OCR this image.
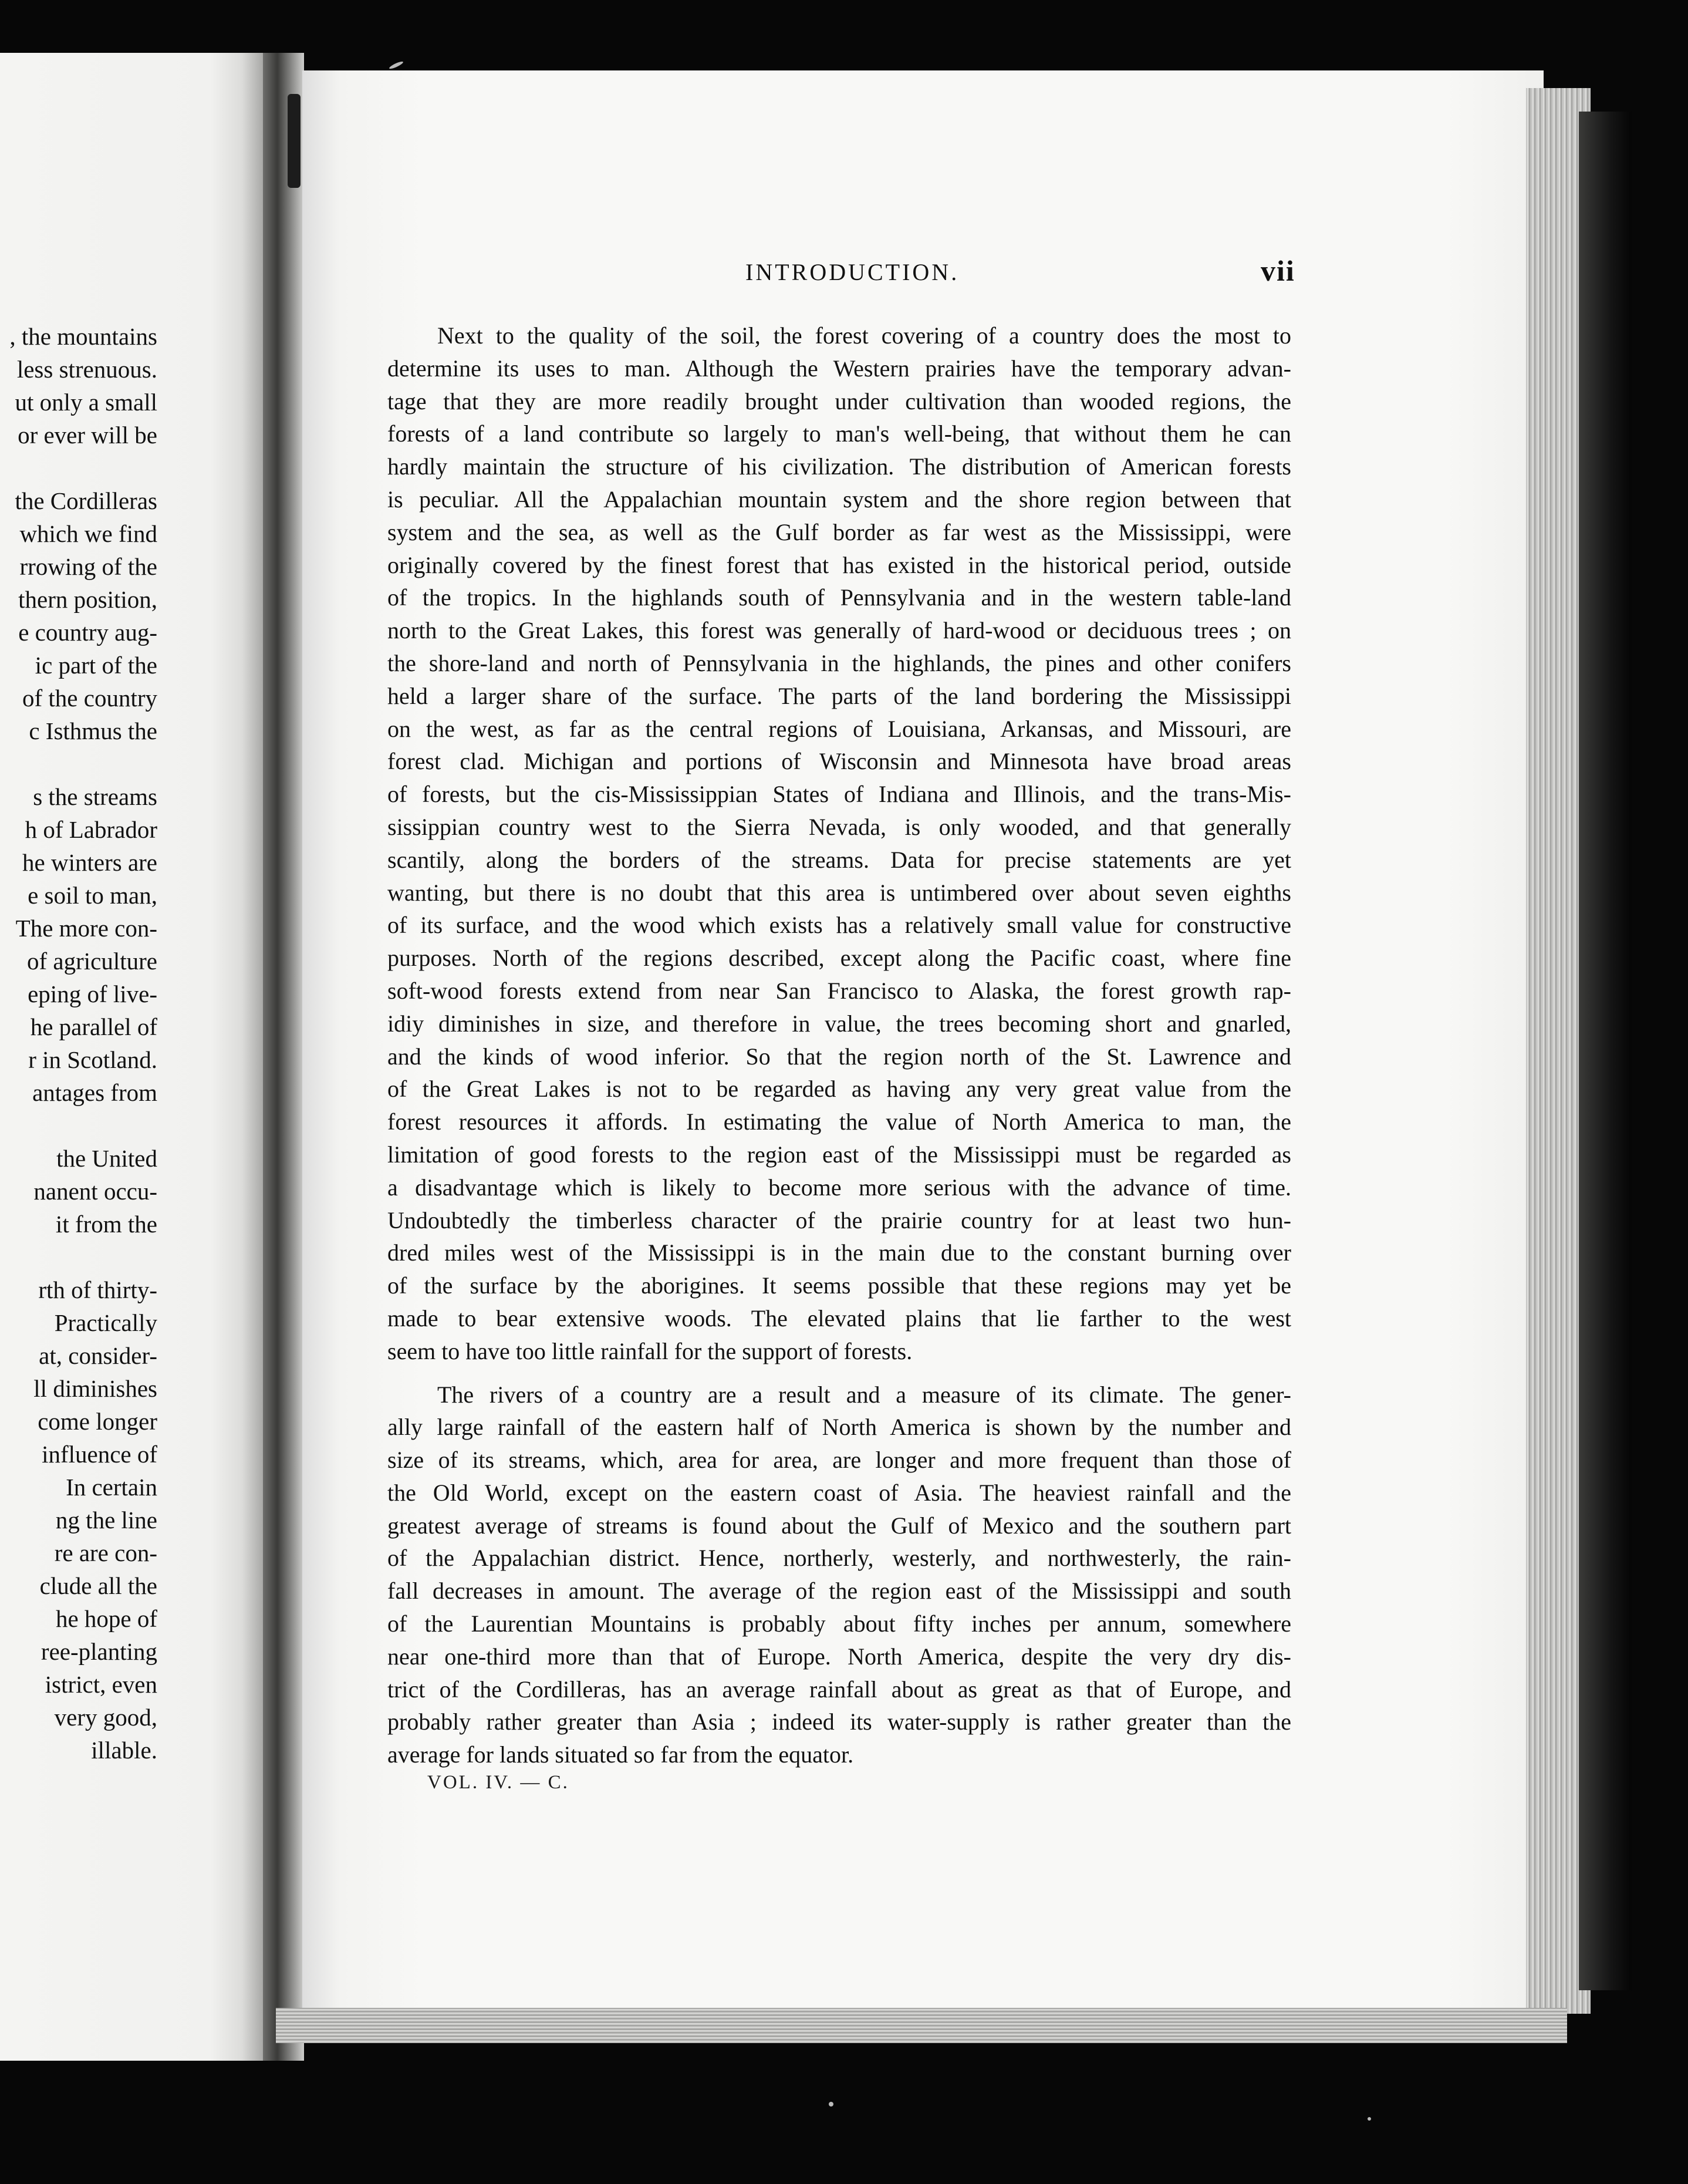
, the mountains
less strenuous.
ut only a small
or ever will be
the Cordilleras
which we find
rrowing of the
thern position,
e country aug-
ic part of the
of the country
c Isthmus the
s the streams
h of Labrador
he winters are
e soil to man,
The more con-
of agriculture
eping of live-
he parallel of
r in Scotland.
antages from
the United
nanent occu-
it from the
rth of thirty-
Practically
at, consider-
ll diminishes
come longer
influence of
In certain
ng the line
re are con-
clude all the
he hope of
ree-planting
istrict, even
very good,
illable.
INTRODUCTION.	vii
Next to the quality of the soil, the forest covering of a country does the most to
determine its uses to man. Although the Western prairies have the temporary advan-
tage that they are more readily brought under cultivation than wooded regions, the
forests of a land contribute so largely to man's well-being, that without them he can
hardly maintain the structure of his civilization. The distribution of American forests
is peculiar. All the Appalachian mountain system and the shore region between that
system and the sea, as well as the Gulf border as far west as the Mississippi, were
originally covered by the finest forest that has existed in the historical period, outside
of the tropics. In the highlands south of Pennsylvania and in the western table-land
north to the Great Lakes, this forest was generally of hard-wood or deciduous trees ; on
the shore-land and north of Pennsylvania in the highlands, the pines and other conifers
held a larger share of the surface. The parts of the land bordering the Mississippi
on the west, as far as the central regions of Louisiana, Arkansas, and Missouri, are
forest clad. Michigan and portions of Wisconsin and Minnesota have broad areas
of forests, but the cis-Mississippian States of Indiana and Illinois, and the trans-Mis-
sissippian country west to the Sierra Nevada, is only wooded, and that generally
scantily, along the borders of the streams. Data for precise statements are yet
wanting, but there is no doubt that this area is untimbered over about seven eighths
of its surface, and the wood which exists has a relatively small value for constructive
purposes. North of the regions described, except along the Pacific coast, where fine
soft-wood forests extend from near San Francisco to Alaska, the forest growth rap-
idiy diminishes in size, and therefore in value, the trees becoming short and gnarled,
and the kinds of wood inferior. So that the region north of the St. Lawrence and
of the Great Lakes is not to be regarded as having any very great value from the
forest resources it affords. In estimating the value of North America to man, the
limitation of good forests to the region east of the Mississippi must be regarded as
a disadvantage which is likely to become more serious with the advance of time.
Undoubtedly the timberless character of the prairie country for at least two hun-
dred miles west of the Mississippi is in the main due to the constant burning over
of the surface by the aborigines. It seems possible that these regions may yet be
made to bear extensive woods. The elevated plains that lie farther to the west
seem to have too little rainfall for the support of forests.
The rivers of a country are a result and a measure of its climate. The gener-
ally large rainfall of the eastern half of North America is shown by the number and
size of its streams, which, area for area, are longer and more frequent than those of
the Old World, except on the eastern coast of Asia. The heaviest rainfall and the
greatest average of streams is found about the Gulf of Mexico and the southern part
of the Appalachian district. Hence, northerly, westerly, and northwesterly, the rain-
fall decreases in amount. The average of the region east of the Mississippi and south
of the Laurentian Mountains is probably about fifty inches per annum, somewhere
near one-third more than that of Europe. North America, despite the very dry dis-
trict of the Cordilleras, has an average rainfall about as great as that of Europe, and
probably rather greater than Asia ; indeed its water-supply is rather greater than the
average for lands situated so far from the equator.
VOL. IV. — C.
